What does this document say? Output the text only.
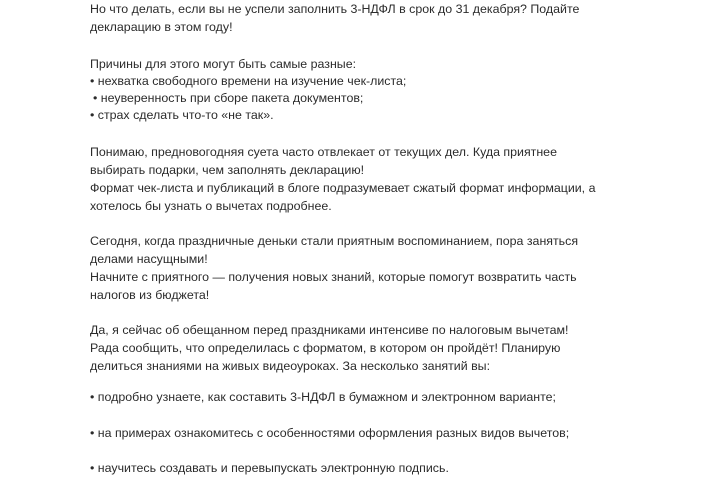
Но что делать, если вы не успели заполнить 3-НДФЛ в срок до 31 декабря? Подайте
декларацию в этом году!
Причины для этого могут быть самые разные:
• нехватка свободного времени на изучение чек-листа;
• неуверенность при сборе пакета документов;
• страх сделать что-то «не так».
Понимаю, предновогодняя суета часто отвлекает от текущих дел. Куда приятнее
выбирать подарки, чем заполнять декларацию!
Формат чек-листа и публикаций в блоге подразумевает сжатый формат информации, а
хотелось бы узнать о вычетах подробнее.
Сегодня, когда праздничные деньки стали приятным воспоминанием, пора заняться
делами насущными!
Начните с приятного — получения новых знаний, которые помогут возвратить часть
налогов из бюджета!
Да, я сейчас об обещанном перед праздниками интенсиве по налоговым вычетам!
Рада сообщить, что определилась с форматом, в котором он пройдёт! Планирую
делиться знаниями на живых видеоуроках. За несколько занятий вы:
• подробно узнаете, как составить 3-НДФЛ в бумажном и электронном варианте;
• на примерах ознакомитесь с особенностями оформления разных видов вычетов;
• научитесь создавать и перевыпускать электронную подпись.
